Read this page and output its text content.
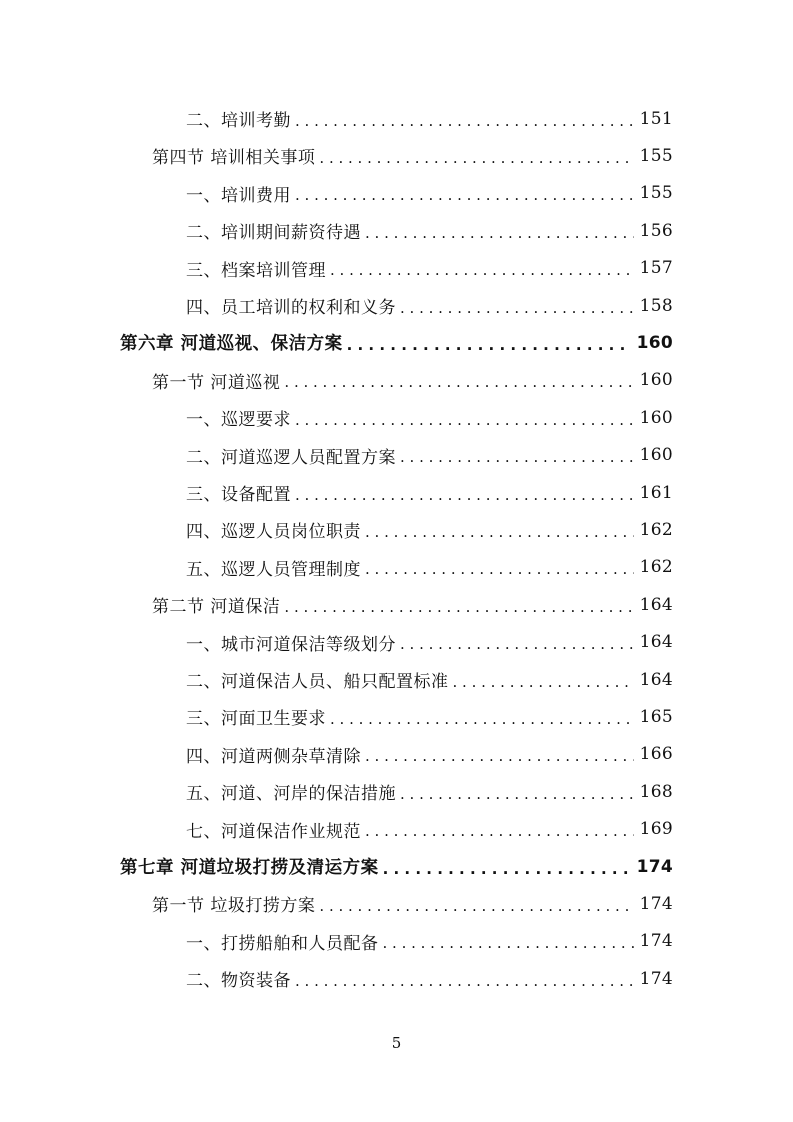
二、培训考勤 . . .	151
第四节 培训相关事项 . . .	155
一、培训费用 . . .	155
二、培训期间薪资待遇 . . .	156
三、档案培训管理 . . .	157
四、员工培训的权利和义务 . . .	158
第六章 河道巡视、保洁方案 . . .	160
第一节 河道巡视 . . .	160
一、巡逻要求 . . .	160
二、河道巡逻人员配置方案 . . .	160
三、设备配置 . . .	161
四、巡逻人员岗位职责 . . .	162
五、巡逻人员管理制度 . . .	162
第二节 河道保洁 . . .	164
一、城市河道保洁等级划分 . . .	164
二、河道保洁人员、船只配置标准 . . .	164
三、河面卫生要求 . . .	165
四、河道两侧杂草清除 . . .	166
五、河道、河岸的保洁措施 . . .	168
七、河道保洁作业规范 . . .	169
第七章 河道垃圾打捞及清运方案 . . .	174
第一节 垃圾打捞方案 . . .	174
一、打捞船舶和人员配备 . . .	174
二、物资装备 . . .	174
5
